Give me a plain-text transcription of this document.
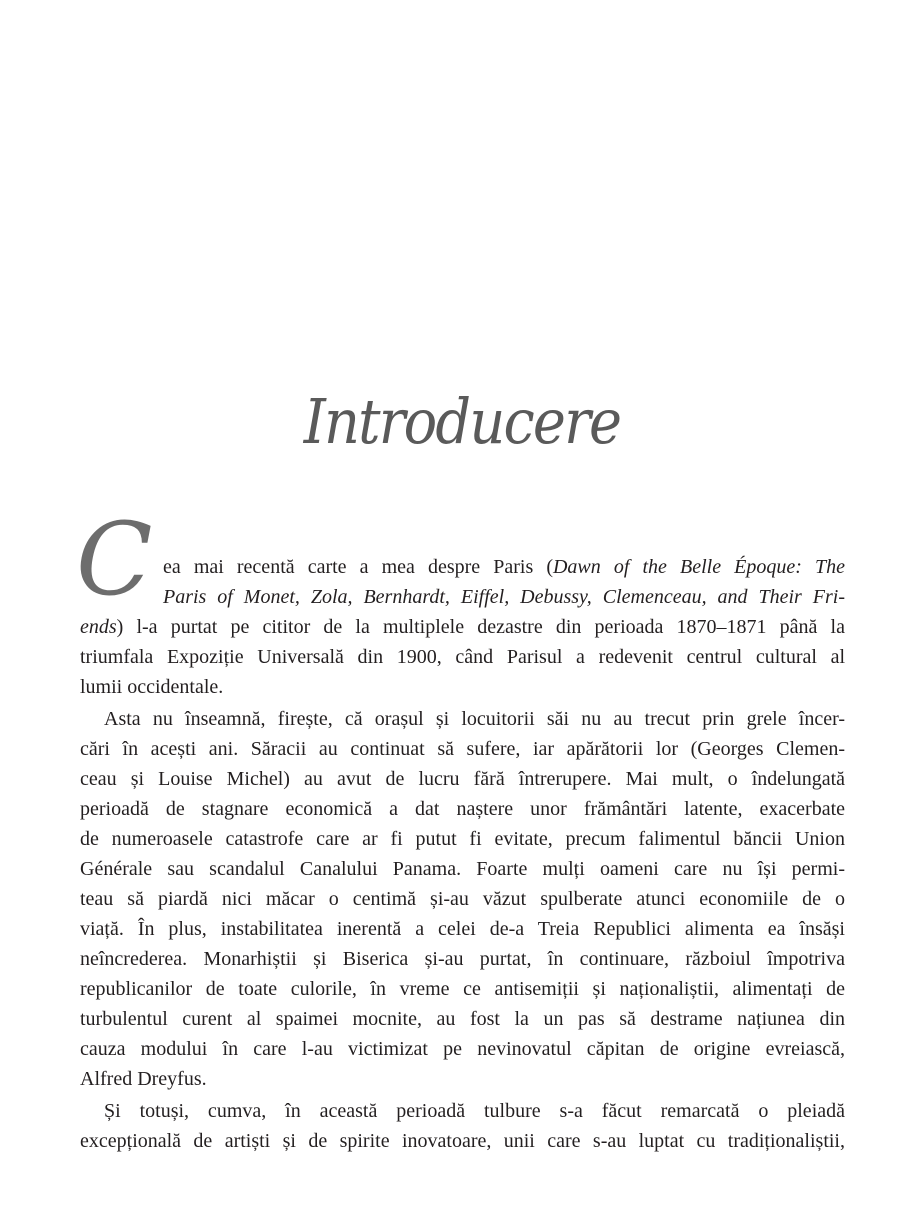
Introducere
C ea mai recentă carte a mea despre Paris (Dawn of the Belle Époque: The
Paris of Monet, Zola, Bernhardt, Eiffel, Debussy, Clemenceau, and Their Fri-
ends) l-a purtat pe cititor de la multiplele dezastre din perioada 1870–1871 până la
triumfala Expoziție Universală din 1900, când Parisul a redevenit centrul cultural al
lumii occidentale.
Asta nu înseamnă, firește, că orașul și locuitorii săi nu au trecut prin grele încer-
cări în acești ani. Săracii au continuat să sufere, iar apărătorii lor (Georges Clemen-
ceau și Louise Michel) au avut de lucru fără întrerupere. Mai mult, o îndelungată
perioadă de stagnare economică a dat naștere unor frământări latente, exacerbate
de numeroasele catastrofe care ar fi putut fi evitate, precum falimentul băncii Union
Générale sau scandalul Canalului Panama. Foarte mulți oameni care nu își permi-
teau să piardă nici măcar o centimă și-au văzut spulberate atunci economiile de o
viață. În plus, instabilitatea inerentă a celei de-a Treia Republici alimenta ea însăși
neîncrederea. Monarhiștii și Biserica și-au purtat, în continuare, războiul împotriva
republicanilor de toate culorile, în vreme ce antisemiții și naționaliștii, alimentați de
turbulentul curent al spaimei mocnite, au fost la un pas să destrame națiunea din
cauza modului în care l-au victimizat pe nevinovatul căpitan de origine evreiască,
Alfred Dreyfus.
Și totuși, cumva, în această perioadă tulbure s-a făcut remarcată o pleiadă
excepțională de artiști și de spirite inovatoare, unii care s-au luptat cu tradiționaliștii,
